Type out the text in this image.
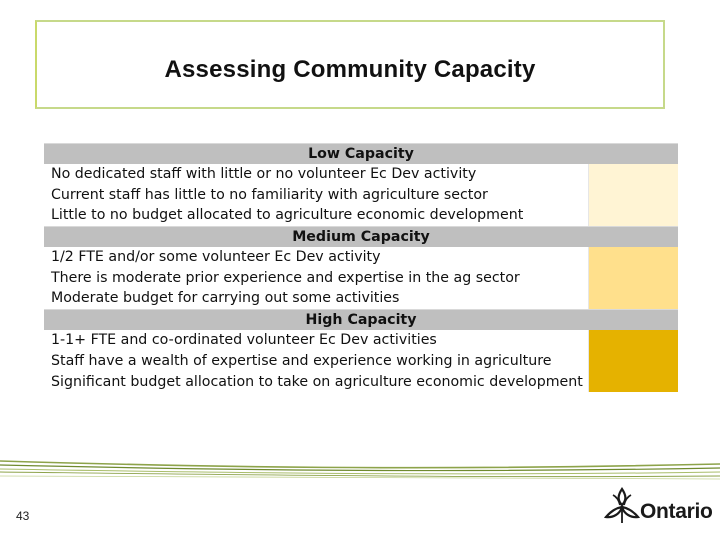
Assessing Community Capacity
Low Capacity
No dedicated staff with little or no volunteer Ec Dev activity
Current staff has little to no familiarity with agriculture sector
Little to no budget allocated to agriculture economic development
Medium Capacity
1/2 FTE and/or some volunteer Ec Dev activity
There is moderate prior experience and expertise in the ag sector
Moderate budget for carrying out some activities
High Capacity
1-1+ FTE and co-ordinated volunteer Ec Dev activities
Staff have a wealth of expertise and experience working in agriculture
Significant budget allocation to take on agriculture economic development
43	Ontario
